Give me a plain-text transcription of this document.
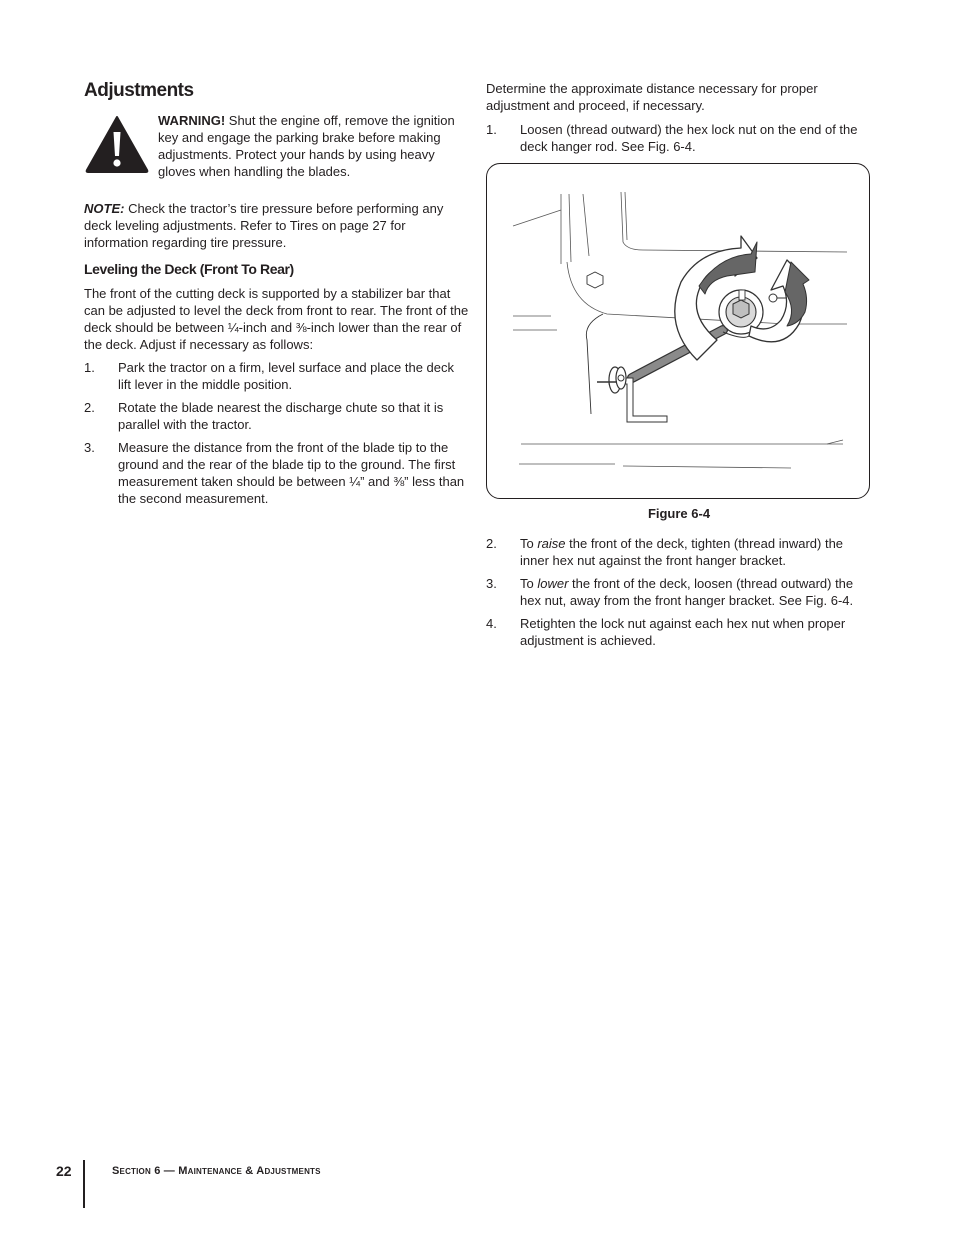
Adjustments
WARNING! Shut the engine off, remove the ignition key and engage the parking brake before making adjustments. Protect your hands by using heavy gloves when handling the blades.

NOTE: Check the tractor’s tire pressure before performing any deck leveling adjustments. Refer to Tires on page 27 for information regarding tire pressure.

Leveling the Deck (Front To Rear)

The front of the cutting deck is supported by a stabilizer bar that can be adjusted to level the deck from front to rear. The front of the deck should be between ¼-inch and ⅜-inch lower than the rear of the deck. Adjust if necessary as follows:

1. Park the tractor on a firm, level surface and place the deck lift lever in the middle position.
2. Rotate the blade nearest the discharge chute so that it is parallel with the tractor.
3. Measure the distance from the front of the blade tip to the ground and the rear of the blade tip to the ground. The first measurement taken should be between ¼” and ⅜” less than the second measurement.

Determine the approximate distance necessary for proper adjustment and proceed, if necessary.

1. Loosen (thread outward) the hex lock nut on the end of the deck hanger rod. See Fig. 6-4.
Figure 6-4
2. To raise the front of the deck, tighten (thread inward) the inner hex nut against the front hanger bracket.
3. To lower the front of the deck, loosen (thread outward) the hex nut, away from the front hanger bracket. See Fig. 6-4.
4. Retighten the lock nut against each hex nut when proper adjustment is achieved.
22	Section 6 — Maintenance & Adjustments
